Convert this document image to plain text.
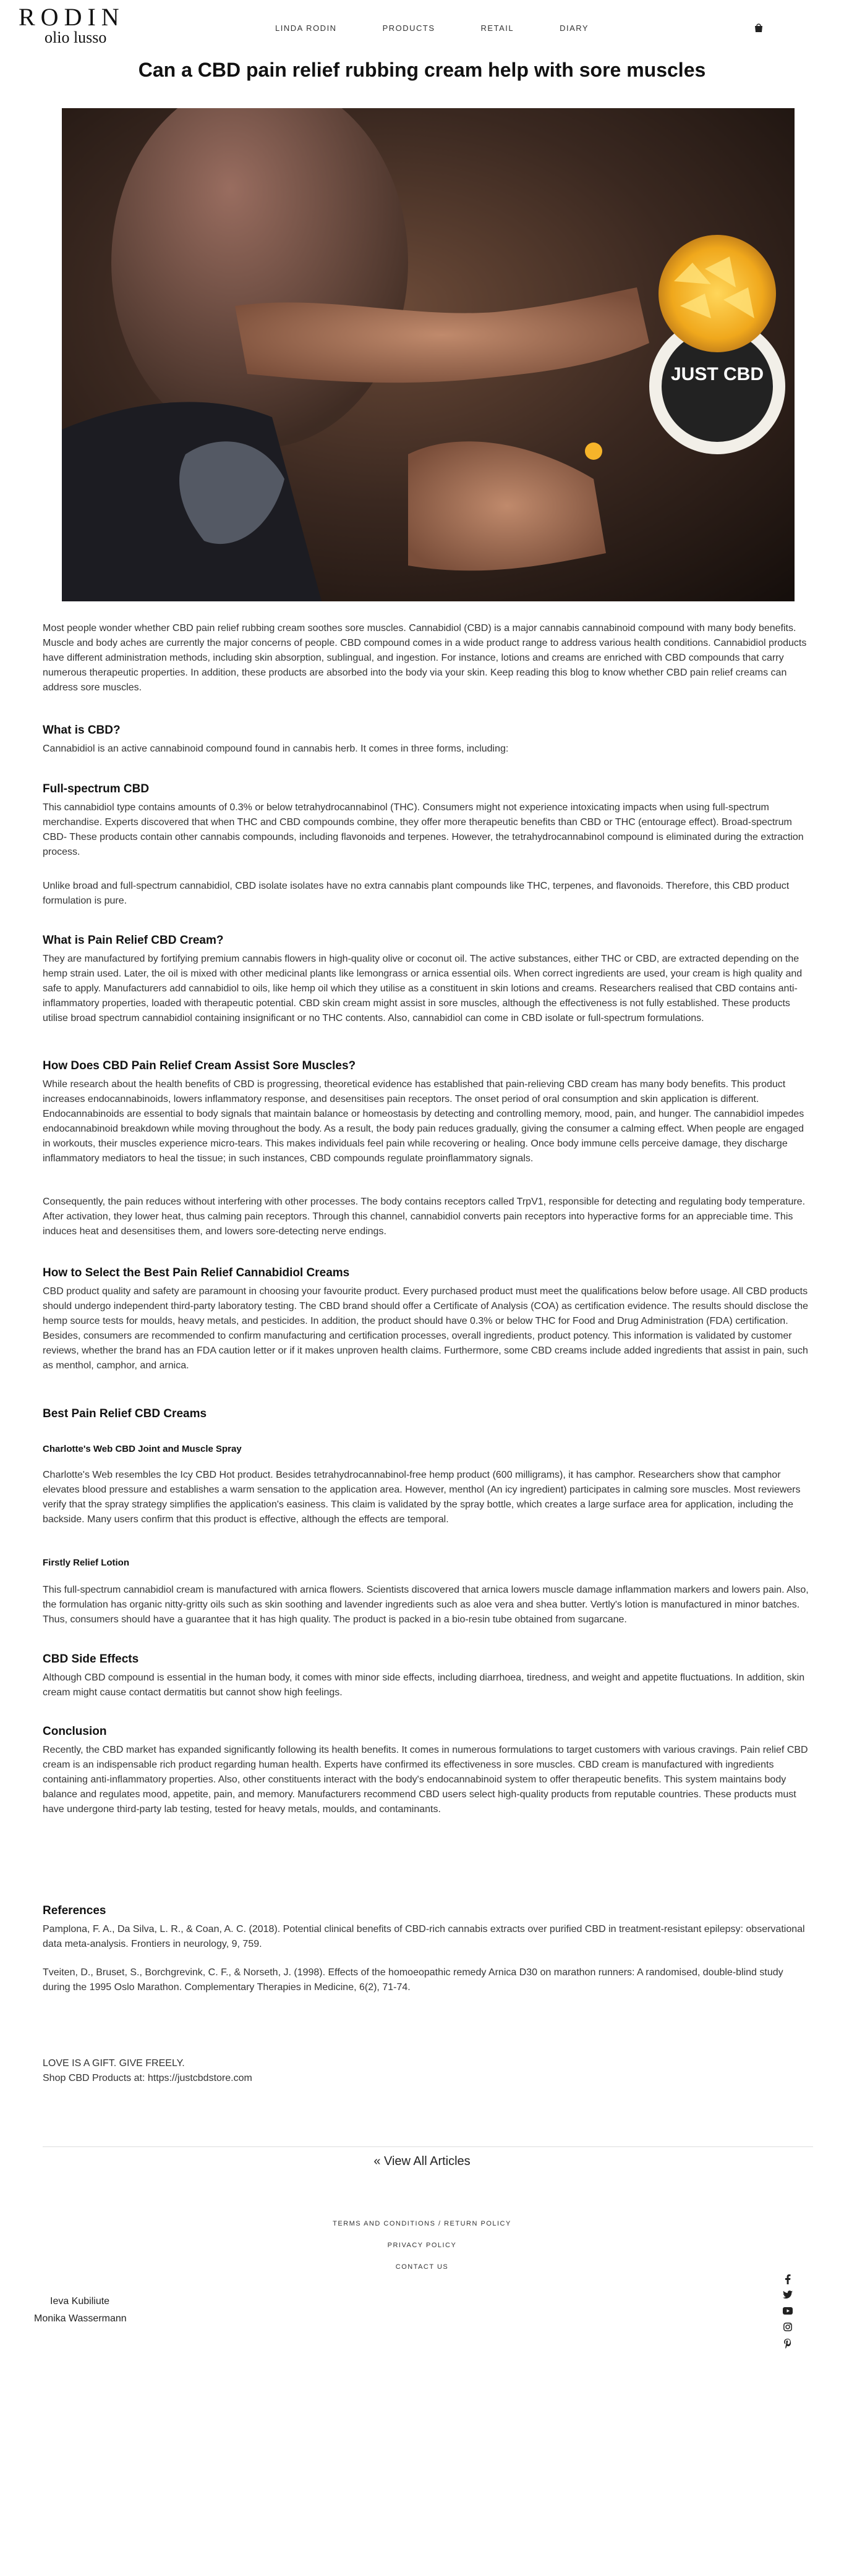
RODIN
olio lusso
LINDA RODIN	PRODUCTS	RETAIL	DIARY
Can a CBD pain relief rubbing cream help with sore muscles
JUST CBD

Most people wonder whether CBD pain relief rubbing cream soothes sore muscles. Cannabidiol (CBD) is a major cannabis cannabinoid compound with many body benefits. Muscle and body aches are currently the major concerns of people. CBD compound comes in a wide product range to address various health conditions. Cannabidiol products have different administration methods, including skin absorption, sublingual, and ingestion. For instance, lotions and creams are enriched with CBD compounds that carry numerous therapeutic properties. In addition, these products are absorbed into the body via your skin. Keep reading this blog to know whether CBD pain relief creams can address sore muscles.

What is CBD?

Cannabidiol is an active cannabinoid compound found in cannabis herb. It comes in three forms, including:

Full-spectrum CBD

This cannabidiol type contains amounts of 0.3% or below tetrahydrocannabinol (THC). Consumers might not experience intoxicating impacts when using full-spectrum merchandise. Experts discovered that when THC and CBD compounds combine, they offer more therapeutic benefits than CBD or THC (entourage effect). Broad-spectrum CBD- These products contain other cannabis compounds, including flavonoids and terpenes. However, the tetrahydrocannabinol compound is eliminated during the extraction process.

Unlike broad and full-spectrum cannabidiol, CBD isolate isolates have no extra cannabis plant compounds like THC, terpenes, and flavonoids. Therefore, this CBD product formulation is pure.

What is Pain Relief CBD Cream?

They are manufactured by fortifying premium cannabis flowers in high-quality olive or coconut oil. The active substances, either THC or CBD, are extracted depending on the hemp strain used. Later, the oil is mixed with other medicinal plants like lemongrass or arnica essential oils. When correct ingredients are used, your cream is high quality and safe to apply. Manufacturers add cannabidiol to oils, like hemp oil which they utilise as a constituent in skin lotions and creams. Researchers realised that CBD contains anti-inflammatory properties, loaded with therapeutic potential. CBD skin cream might assist in sore muscles, although the effectiveness is not fully established. These products utilise broad spectrum cannabidiol containing insignificant or no THC contents. Also, cannabidiol can come in CBD isolate or full-spectrum formulations.

How Does CBD Pain Relief Cream Assist Sore Muscles?

While research about the health benefits of CBD is progressing, theoretical evidence has established that pain-relieving CBD cream has many body benefits. This product increases endocannabinoids, lowers inflammatory response, and desensitises pain receptors. The onset period of oral consumption and skin application is different. Endocannabinoids are essential to body signals that maintain balance or homeostasis by detecting and controlling memory, mood, pain, and hunger. The cannabidiol impedes endocannabinoid breakdown while moving throughout the body. As a result, the body pain reduces gradually, giving the consumer a calming effect. When people are engaged in workouts, their muscles experience micro-tears. This makes individuals feel pain while recovering or healing. Once body immune cells perceive damage, they discharge inflammatory mediators to heal the tissue; in such instances, CBD compounds regulate proinflammatory signals.

Consequently, the pain reduces without interfering with other processes. The body contains receptors called TrpV1, responsible for detecting and regulating body temperature. After activation, they lower heat, thus calming pain receptors. Through this channel, cannabidiol converts pain receptors into hyperactive forms for an appreciable time. This induces heat and desensitises them, and lowers sore-detecting nerve endings.

How to Select the Best Pain Relief Cannabidiol Creams

CBD product quality and safety are paramount in choosing your favourite product. Every purchased product must meet the qualifications below before usage. All CBD products should undergo independent third-party laboratory testing. The CBD brand should offer a Certificate of Analysis (COA) as certification evidence. The results should disclose the hemp source tests for moulds, heavy metals, and pesticides. In addition, the product should have 0.3% or below THC for Food and Drug Administration (FDA) certification. Besides, consumers are recommended to confirm manufacturing and certification processes, overall ingredients, product potency. This information is validated by customer reviews, whether the brand has an FDA caution letter or if it makes unproven health claims. Furthermore, some CBD creams include added ingredients that assist in pain, such as menthol, camphor, and arnica.

Best Pain Relief CBD Creams
Charlotte's Web CBD Joint and Muscle Spray

Charlotte's Web resembles the Icy CBD Hot product. Besides tetrahydrocannabinol-free hemp product (600 milligrams), it has camphor. Researchers show that camphor elevates blood pressure and establishes a warm sensation to the application area. However, menthol (An icy ingredient) participates in calming sore muscles. Most reviewers verify that the spray strategy simplifies the application's easiness. This claim is validated by the spray bottle, which creates a large surface area for application, including the backside. Many users confirm that this product is effective, although the effects are temporal.

Firstly Relief Lotion

This full-spectrum cannabidiol cream is manufactured with arnica flowers. Scientists discovered that arnica lowers muscle damage inflammation markers and lowers pain. Also, the formulation has organic nitty-gritty oils such as skin soothing and lavender ingredients such as aloe vera and shea butter. Vertly's lotion is manufactured in minor batches. Thus, consumers should have a guarantee that it has high quality. The product is packed in a bio-resin tube obtained from sugarcane.

CBD Side Effects

Although CBD compound is essential in the human body, it comes with minor side effects, including diarrhoea, tiredness, and weight and appetite fluctuations. In addition, skin cream might cause contact dermatitis but cannot show high feelings.

Conclusion

Recently, the CBD market has expanded significantly following its health benefits. It comes in numerous formulations to target customers with various cravings. Pain relief CBD cream is an indispensable rich product regarding human health. Experts have confirmed its effectiveness in sore muscles. CBD cream is manufactured with ingredients containing anti-inflammatory properties. Also, other constituents interact with the body's endocannabinoid system to offer therapeutic benefits. This system maintains body balance and regulates mood, appetite, pain, and memory. Manufacturers recommend CBD users select high-quality products from reputable countries. These products must have undergone third-party lab testing, tested for heavy metals, moulds, and contaminants.

References

Pamplona, F. A., Da Silva, L. R., & Coan, A. C. (2018). Potential clinical benefits of CBD-rich cannabis extracts over purified CBD in treatment-resistant epilepsy: observational data meta-analysis. Frontiers in neurology, 9, 759.

Tveiten, D., Bruset, S., Borchgrevink, C. F., & Norseth, J. (1998). Effects of the homoeopathic remedy Arnica D30 on marathon runners: A randomised, double-blind study during the 1995 Oslo Marathon. Complementary Therapies in Medicine, 6(2), 71-74.

LOVE IS A GIFT. GIVE FREELY.

Shop CBD Products at: https://justcbdstore.com

« View All Articles
TERMS AND CONDITIONS / RETURN POLICY
PRIVACY POLICY
CONTACT US
Ieva Kubiliute
Monika Wassermann
